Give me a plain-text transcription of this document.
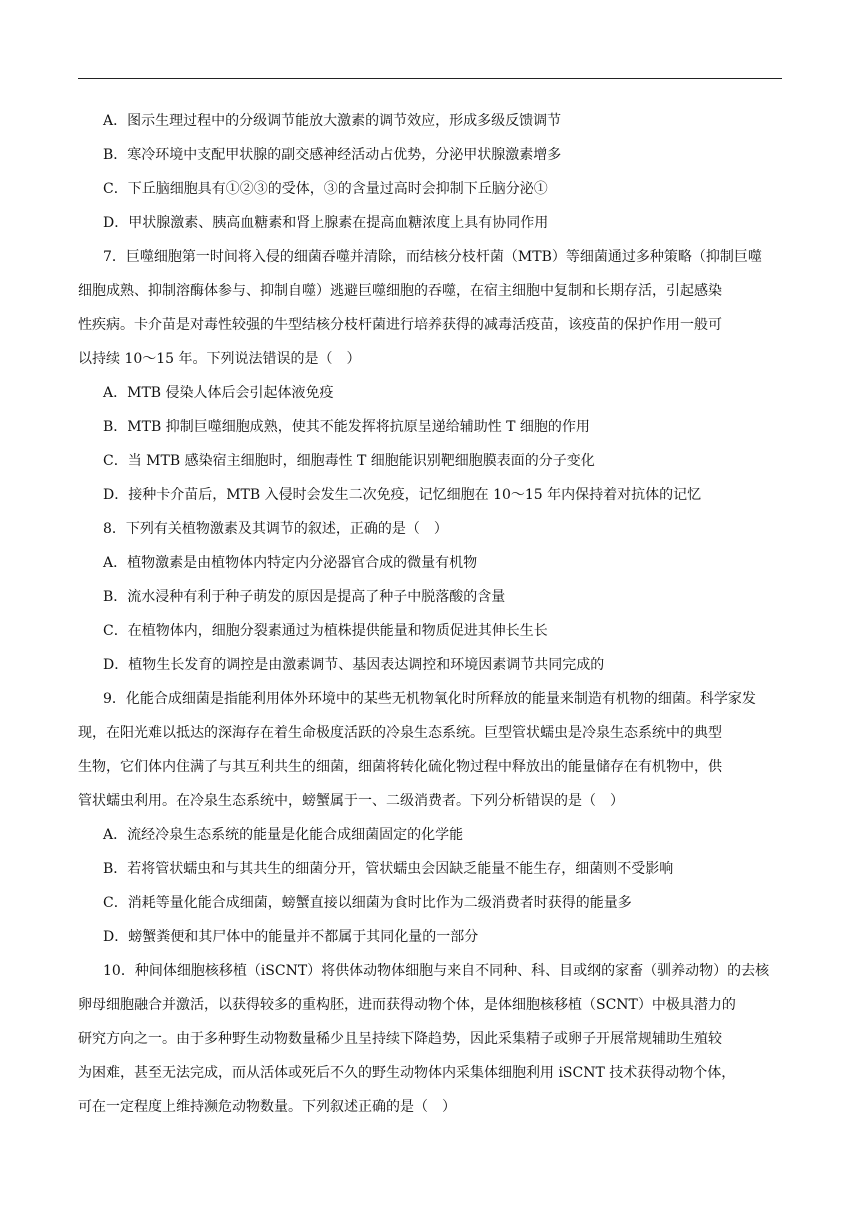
A．图示生理过程中的分级调节能放大激素的调节效应，形成多级反馈调节
B．寒冷环境中支配甲状腺的副交感神经活动占优势，分泌甲状腺激素增多
C．下丘脑细胞具有①②③的受体，③的含量过高时会抑制下丘脑分泌①
D．甲状腺激素、胰高血糖素和肾上腺素在提高血糖浓度上具有协同作用
7．巨噬细胞第一时间将入侵的细菌吞噬并清除，而结核分枝杆菌（MTB）等细菌通过多种策略（抑制巨噬
细胞成熟、抑制溶酶体参与、抑制自噬）逃避巨噬细胞的吞噬，在宿主细胞中复制和长期存活，引起感染
性疾病。卡介苗是对毒性较强的牛型结核分枝杆菌进行培养获得的减毒活疫苗，该疫苗的保护作用一般可
以持续 10～15 年。下列说法错误的是（　）
A．MTB 侵染人体后会引起体液免疫
B．MTB 抑制巨噬细胞成熟，使其不能发挥将抗原呈递给辅助性 T 细胞的作用
C．当 MTB 感染宿主细胞时，细胞毒性 T 细胞能识别靶细胞膜表面的分子变化
D．接种卡介苗后，MTB 入侵时会发生二次免疫，记忆细胞在 10～15 年内保持着对抗体的记忆
8．下列有关植物激素及其调节的叙述，正确的是（　）
A．植物激素是由植物体内特定内分泌器官合成的微量有机物
B．流水浸种有利于种子萌发的原因是提高了种子中脱落酸的含量
C．在植物体内，细胞分裂素通过为植株提供能量和物质促进其伸长生长
D．植物生长发育的调控是由激素调节、基因表达调控和环境因素调节共同完成的
9．化能合成细菌是指能利用体外环境中的某些无机物氧化时所释放的能量来制造有机物的细菌。科学家发
现，在阳光难以抵达的深海存在着生命极度活跃的冷泉生态系统。巨型管状蠕虫是冷泉生态系统中的典型
生物，它们体内住满了与其互利共生的细菌，细菌将转化硫化物过程中释放出的能量储存在有机物中，供
管状蠕虫利用。在冷泉生态系统中，螃蟹属于一、二级消费者。下列分析错误的是（　）
A．流经冷泉生态系统的能量是化能合成细菌固定的化学能
B．若将管状蠕虫和与其共生的细菌分开，管状蠕虫会因缺乏能量不能生存，细菌则不受影响
C．消耗等量化能合成细菌，螃蟹直接以细菌为食时比作为二级消费者时获得的能量多
D．螃蟹粪便和其尸体中的能量并不都属于其同化量的一部分
10．种间体细胞核移植（iSCNT）将供体动物体细胞与来自不同种、科、目或纲的家畜（驯养动物）的去核
卵母细胞融合并激活，以获得较多的重构胚，进而获得动物个体，是体细胞核移植（SCNT）中极具潜力的
研究方向之一。由于多种野生动物数量稀少且呈持续下降趋势，因此采集精子或卵子开展常规辅助生殖较
为困难，甚至无法完成，而从活体或死后不久的野生动物体内采集体细胞利用 iSCNT 技术获得动物个体，
可在一定程度上维持濒危动物数量。下列叙述正确的是（　）
